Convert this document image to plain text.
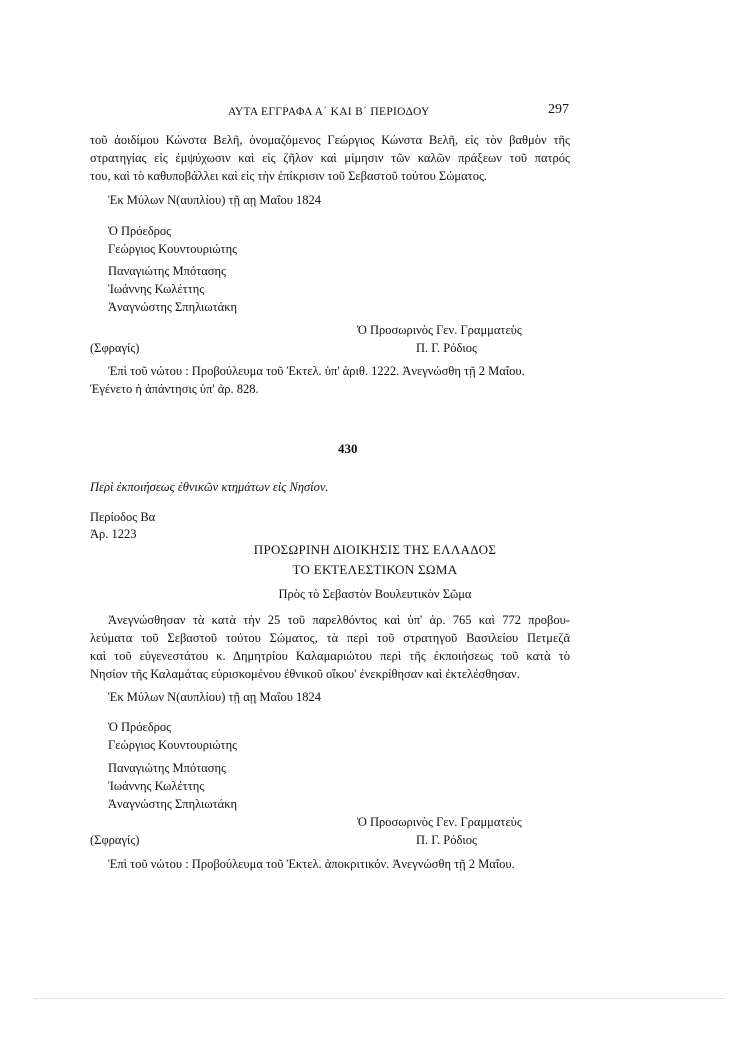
ΑΥΤΑ ΕΓΓΡΑΦΑ Α΄ ΚΑΙ Β΄ ΠΕΡΙΟΔΟΥ	297
τοῦ ἀοιδίμου Κώνστα Βελῆ, ὀνομαζόμενος Γεώργιος Κώνστα Βελῆ, εἰς τὸν βαθμὸν τῆς
στρατηγίας εἰς ἐμψύχωσιν καὶ εἰς ζῆλον καὶ μίμησιν τῶν καλῶν πράξεων τοῦ πατρός
του, καὶ τὸ καθυποβάλλει καὶ εἰς τὴν ἐπίκρισιν τοῦ Σεβαστοῦ τούτου Σώματος.
Ἐκ Μύλων Ν(αυπλίου) τῇ αῃ Μαΐου 1824
Ὁ Πρόεδρος
Γεώργιος Κουντουριώτης
Παναγιώτης Μπότασης
Ἰωάννης Κωλέττης
Ἀναγνώστης Σπηλιωτάκη
Ὁ Προσωρινὸς Γεν. Γραμματεὺς
(Σφραγίς)	Π. Γ. Ρόδιος
Ἐπὶ τοῦ νώτου : Προβούλευμα τοῦ Ἐκτελ. ὑπ' ἀριθ. 1222. Ἀνεγνώσθη τῇ 2 Μαΐου.
Ἐγένετο ἡ ἀπάντησις ὑπ' ἀρ. 828.
430
Περὶ ἐκποιήσεως ἐθνικῶν κτημάτων εἰς Νησίον.
Περίοδος Βα
Ἀρ. 1223
ΠΡΟΣΩΡΙΝΗ ΔΙΟΙΚΗΣΙΣ ΤΗΣ ΕΛΛΑΔΟΣ
ΤΟ ΕΚΤΕΛΕΣΤΙΚΟΝ ΣΩΜΑ
Πρὸς τὸ Σεβαστὸν Βουλευτικὸν Σῶμα
Ἀνεγνώσθησαν τὰ κατὰ τὴν 25 τοῦ παρελθόντος καὶ ὑπ' ἀρ. 765 καὶ 772 προβου-
λεύματα τοῦ Σεβαστοῦ τούτου Σώματος, τὰ περὶ τοῦ στρατηγοῦ Βασιλείου Πετμεζᾶ
καὶ τοῦ εὐγενεστάτου κ. Δημητρίου Καλαμαριώτου περὶ τῆς ἐκποιήσεως τοῦ κατὰ τὸ
Νησίον τῆς Καλαμάτας εὑρισκομένου ἐθνικοῦ οἴκου' ἐνεκρίθησαν καὶ ἐκτελέσθησαν.
Ἐκ Μύλων Ν(αυπλίου) τῇ αῃ Μαΐου 1824
Ὁ Πρόεδρος
Γεώργιος Κουντουριώτης
Παναγιώτης Μπότασης
Ἰωάννης Κωλέττης
Ἀναγνώστης Σπηλιωτάκη
Ὁ Προσωρινὸς Γεν. Γραμματεὺς
(Σφραγίς)	Π. Γ. Ρόδιος
Ἐπὶ τοῦ νώτου : Προβούλευμα τοῦ Ἐκτελ. ἀποκριτικόν. Ἀνεγνώσθη τῇ 2 Μαΐου.
